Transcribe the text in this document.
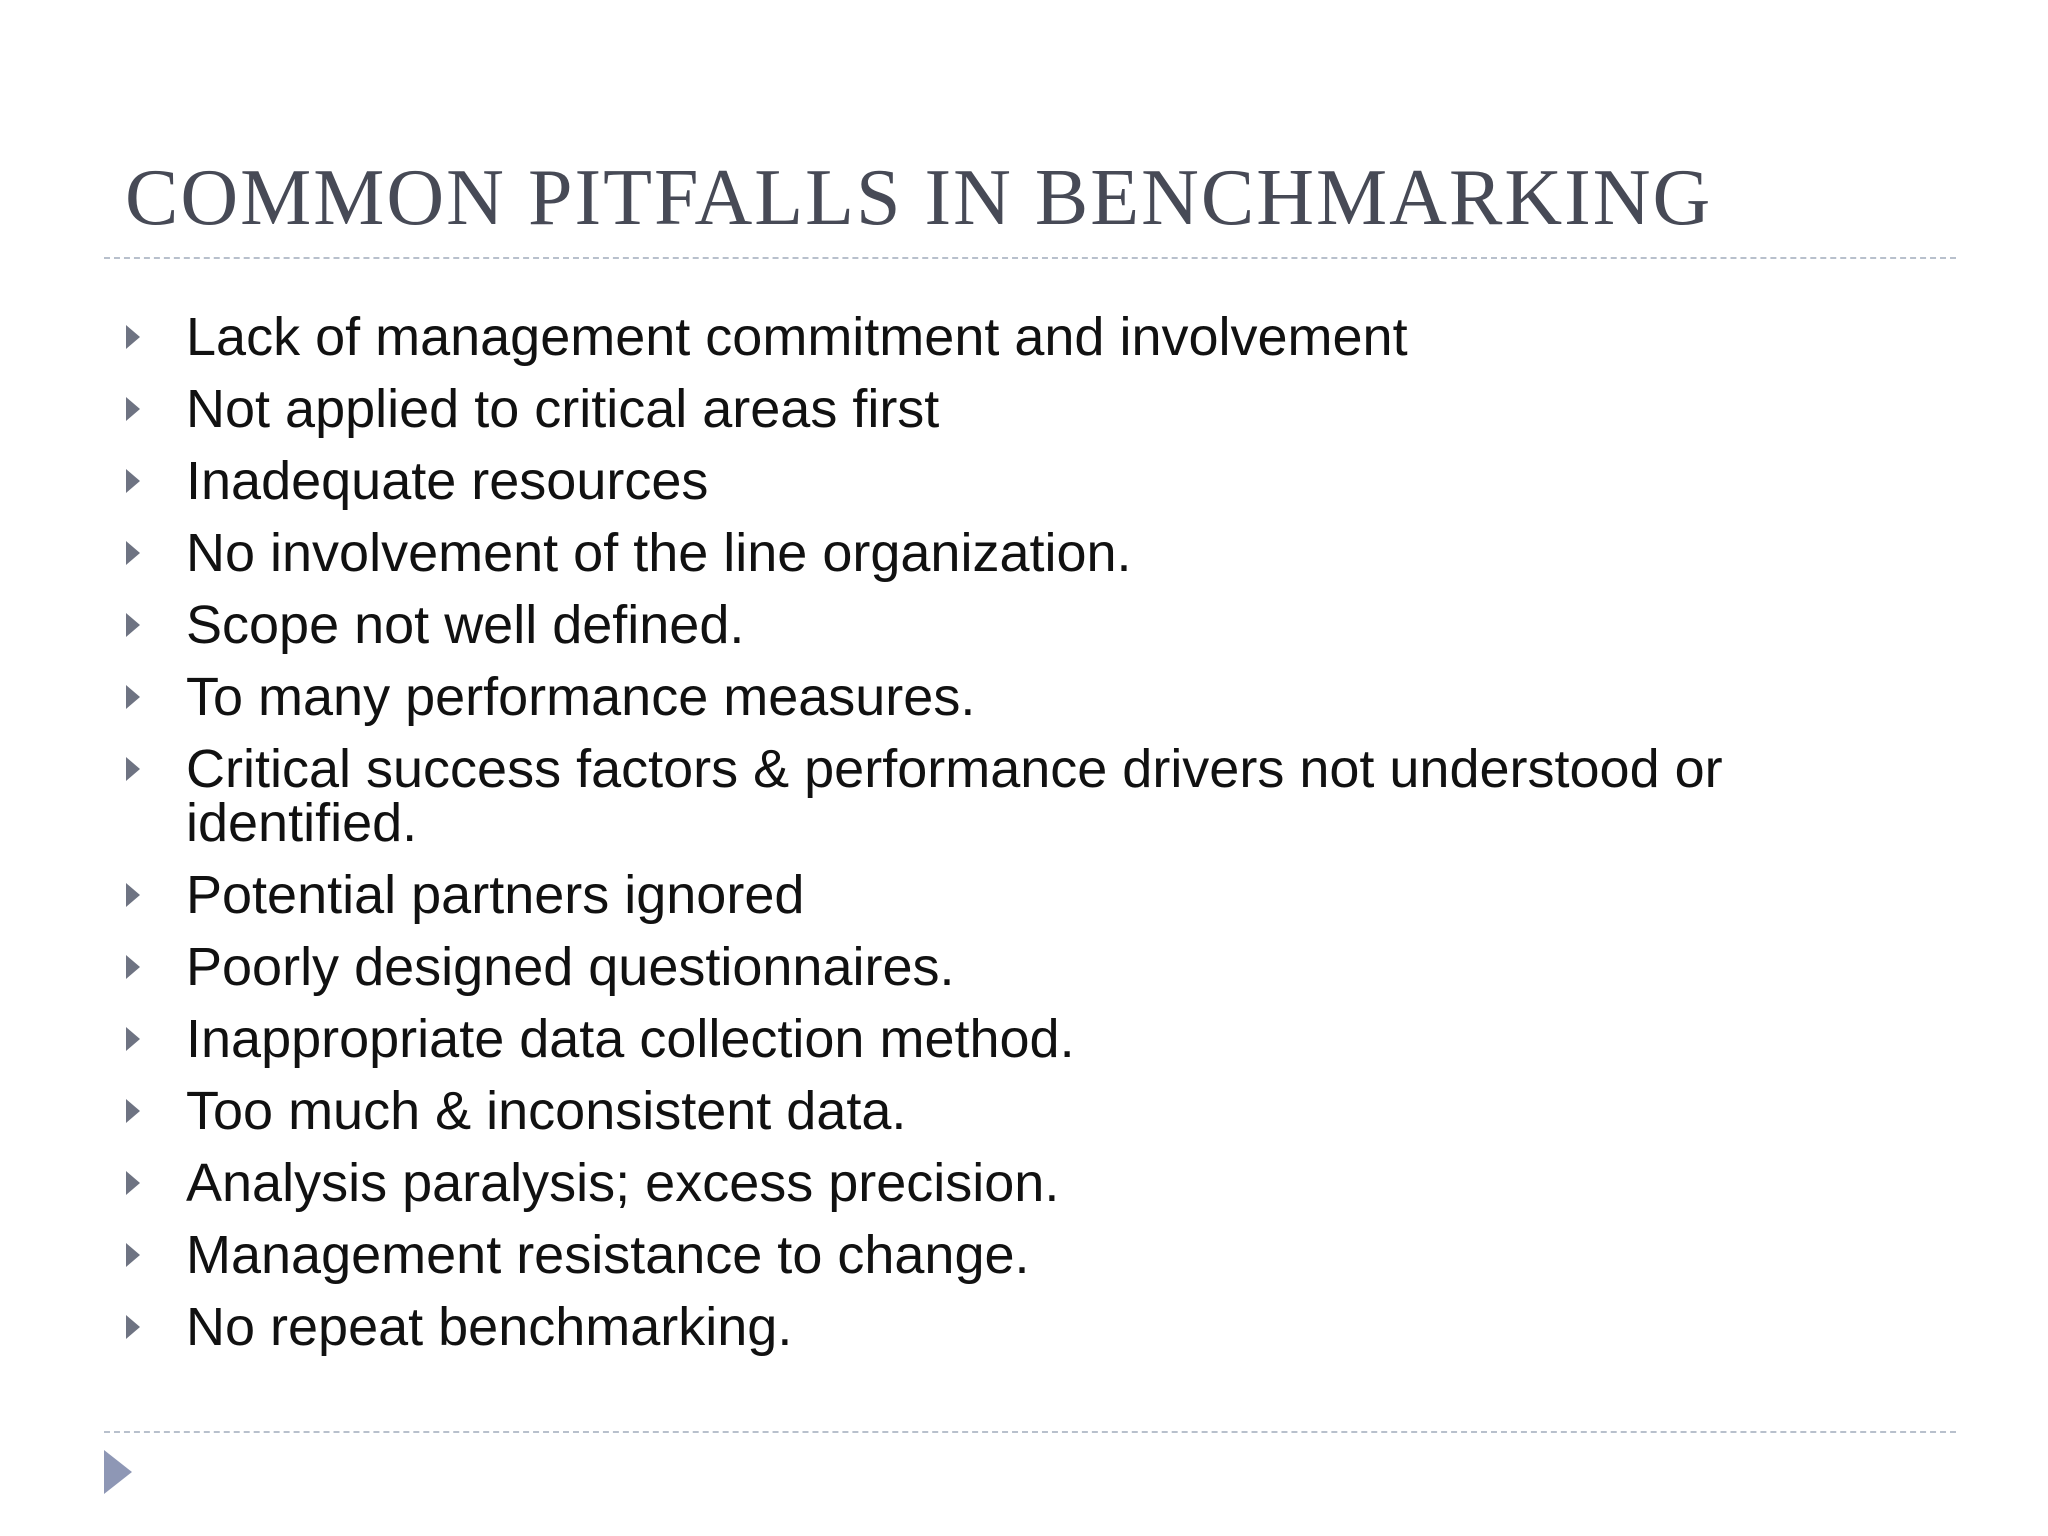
COMMON PITFALLS IN BENCHMARKING
Lack of management commitment and involvement
Not applied to critical areas first
Inadequate resources
No involvement of the line organization.
Scope not well defined.
To many performance measures.
Critical success factors & performance drivers not understood or identified.
Potential partners ignored
Poorly designed questionnaires.
Inappropriate data collection method.
Too much & inconsistent data.
Analysis paralysis; excess precision.
Management resistance to change.
No repeat benchmarking.
